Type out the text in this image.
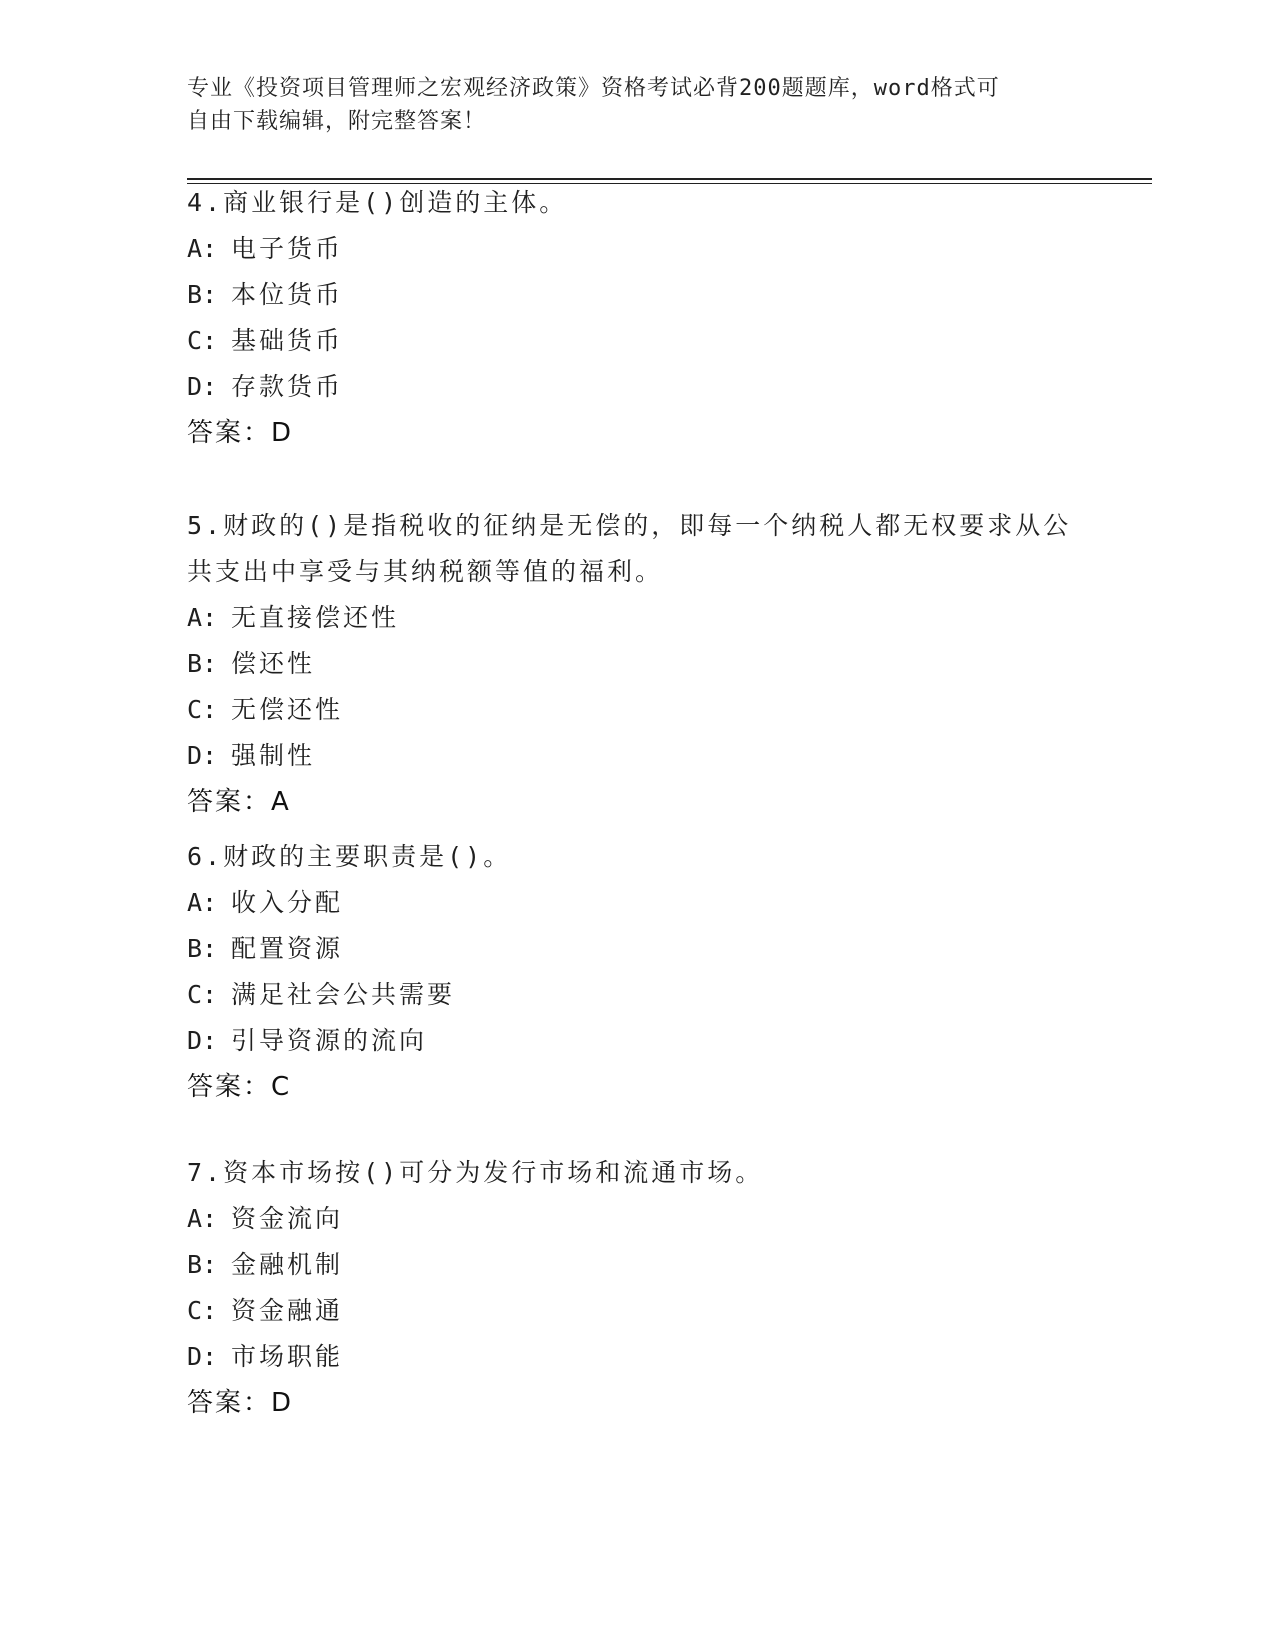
专业《投资项目管理师之宏观经济政策》资格考试必背200题题库，word格式可
自由下载编辑，附完整答案！
4.商业银行是()创造的主体。
A: 电子货币
B: 本位货币
C: 基础货币
D: 存款货币
答案：D
5.财政的()是指税收的征纳是无偿的，即每一个纳税人都无权要求从公共支出中享受与其纳税额等值的福利。
A: 无直接偿还性
B: 偿还性
C: 无偿还性
D: 强制性
答案：A
6.财政的主要职责是()。
A: 收入分配
B: 配置资源
C: 满足社会公共需要
D: 引导资源的流向
答案：C
7.资本市场按()可分为发行市场和流通市场。
A: 资金流向
B: 金融机制
C: 资金融通
D: 市场职能
答案：D
